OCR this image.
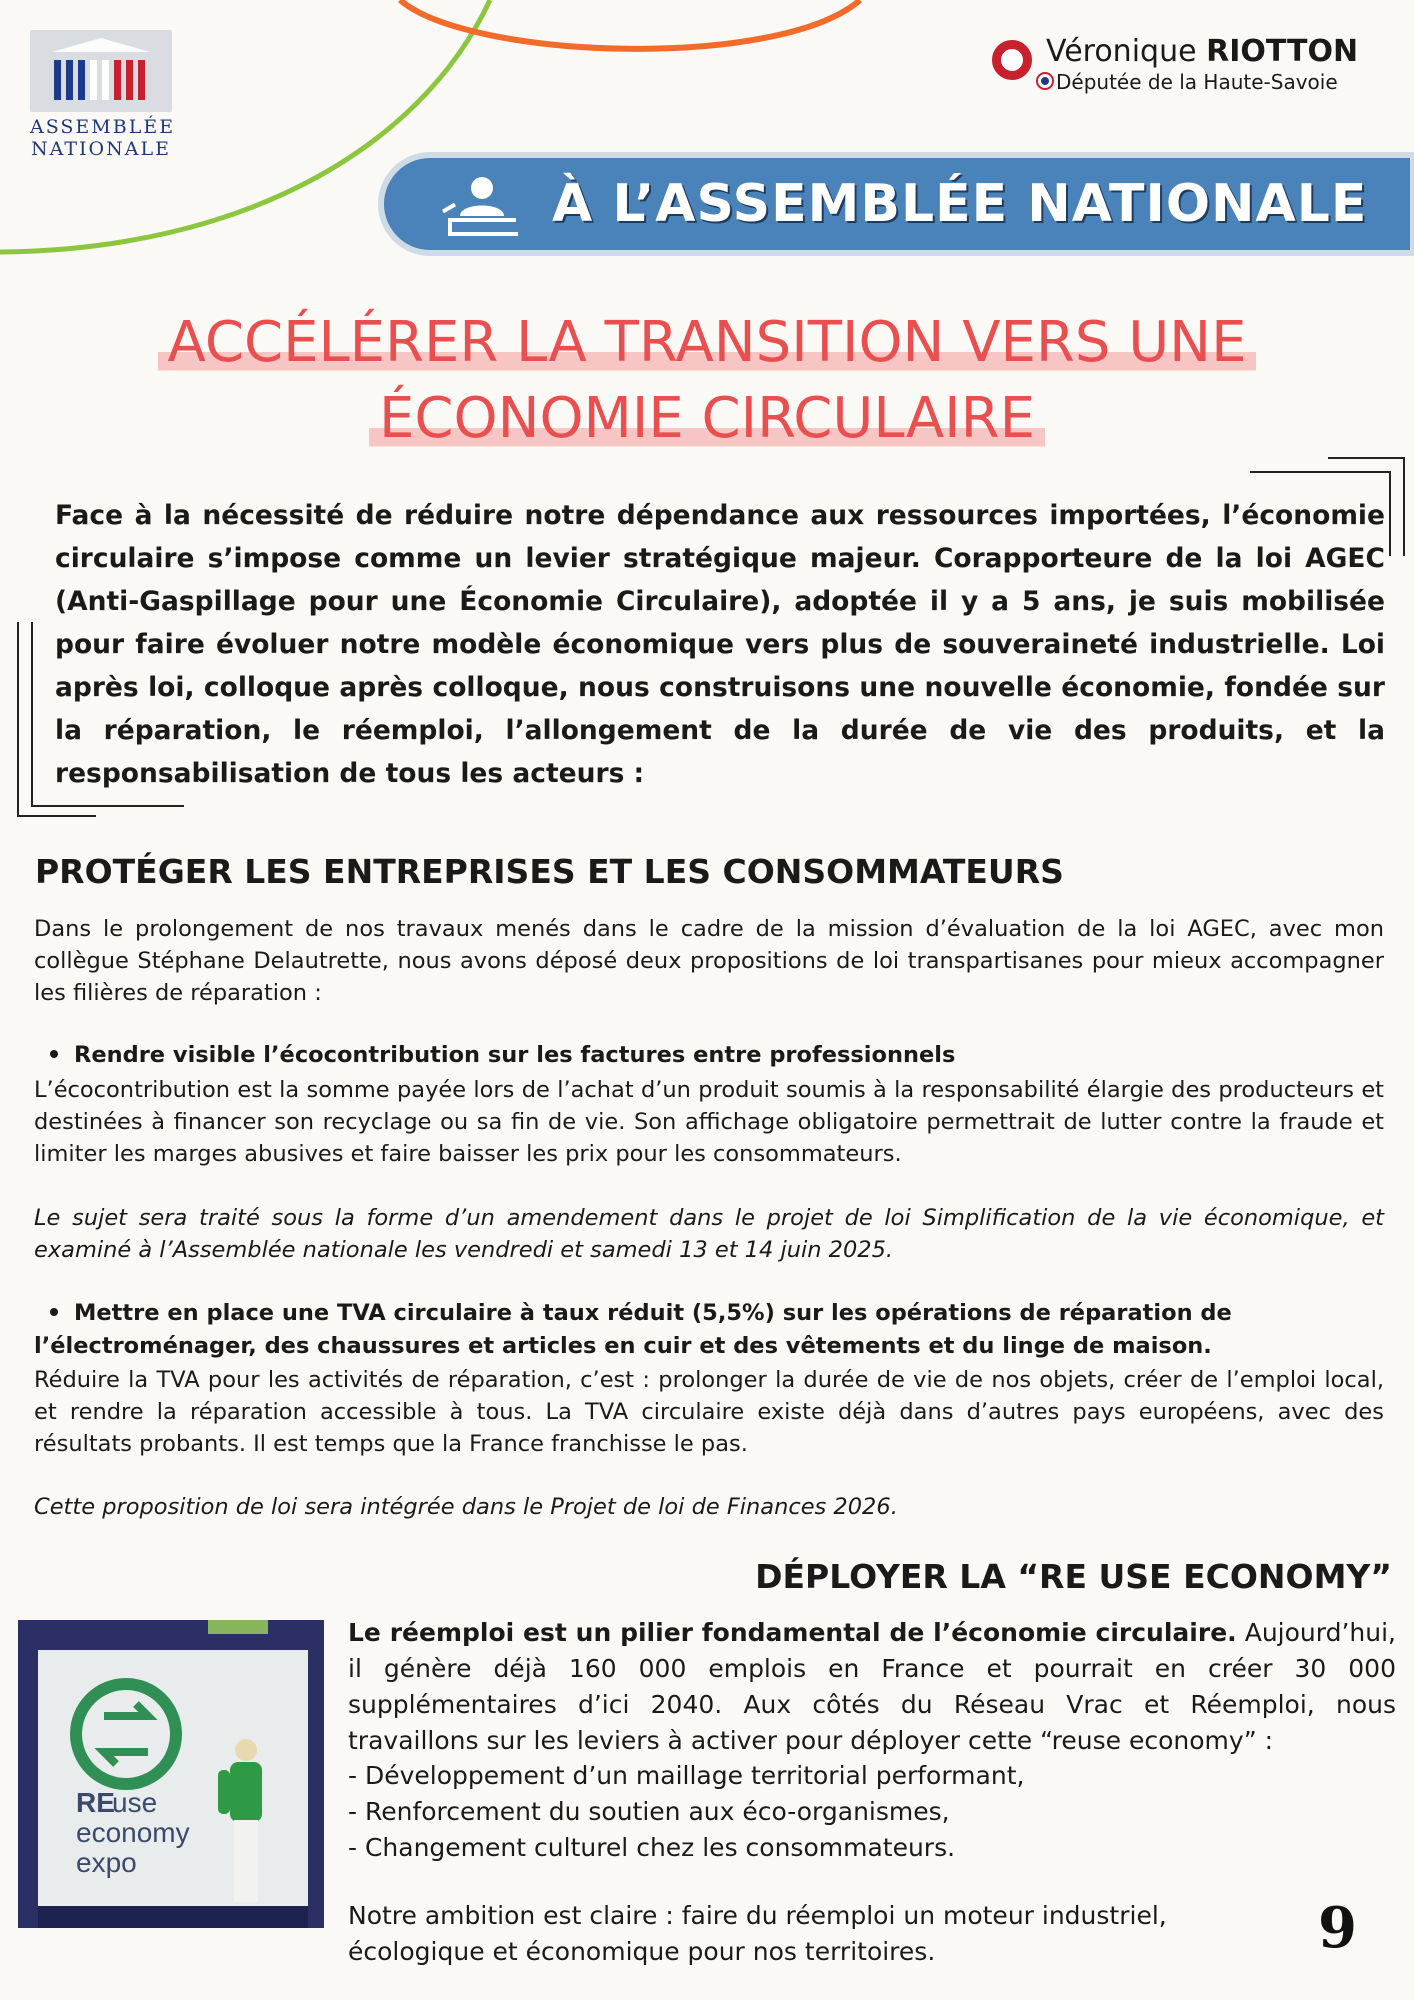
ASSEMBLÉE
NATIONALE
Véronique RIOTTON
Députée de la Haute-Savoie
À L’ASSEMBLÉE NATIONALE
ACCÉLÉRER LA TRANSITION VERS UNE
ÉCONOMIE CIRCULAIRE
Face à la nécessité de réduire notre dépendance aux ressources importées, l’économie circulaire s’impose comme un levier stratégique majeur. Corapporteure de la loi AGEC (Anti-Gaspillage pour une Économie Circulaire), adoptée il y a 5 ans, je suis mobilisée pour faire évoluer notre modèle économique vers plus de souveraineté industrielle. Loi après loi, colloque après colloque, nous construisons une nouvelle économie, fondée sur la réparation, le réemploi, l’allongement de la durée de vie des produits, et la responsabilisation de tous les acteurs :
PROTÉGER LES ENTREPRISES ET LES CONSOMMATEURS
Dans le prolongement de nos travaux menés dans le cadre de la mission d’évaluation de la loi AGEC, avec mon collègue Stéphane Delautrette, nous avons déposé deux propositions de loi transpartisanes pour mieux accompagner les filières de réparation :
Rendre visible l’écocontribution sur les factures entre professionnels
L’écocontribution est la somme payée lors de l’achat d’un produit soumis à la responsabilité élargie des producteurs et destinées à financer son recyclage ou sa fin de vie. Son affichage obligatoire permettrait de lutter contre la fraude et limiter les marges abusives et faire baisser les prix pour les consommateurs.
Le sujet sera traité sous la forme d’un amendement dans le projet de loi Simplification de la vie économique, et examiné à l’Assemblée nationale les vendredi et samedi 13 et 14 juin 2025.
Mettre en place une TVA circulaire à taux réduit (5,5%) sur les opérations de réparation de
l’électroménager, des chaussures et articles en cuir et des vêtements et du linge de maison.
Réduire la TVA pour les activités de réparation, c’est : prolonger la durée de vie de nos objets, créer de l’emploi local, et rendre la réparation accessible à tous. La TVA circulaire existe déjà dans d’autres pays européens, avec des résultats probants. Il est temps que la France franchisse le pas.
Cette proposition de loi sera intégrée dans le Projet de loi de Finances 2026.
DÉPLOYER LA “RE USE ECONOMY”
RE
use
economy
expo
Le réemploi est un pilier fondamental de l’économie circulaire. Aujourd’hui, il génère déjà 160 000 emplois en France et pourrait en créer 30 000 supplémentaires d’ici 2040. Aux côtés du Réseau Vrac et Réemploi, nous travaillons sur les leviers à activer pour déployer cette “reuse economy” :
- Développement d’un maillage territorial performant,
- Renforcement du soutien aux éco-organismes,
- Changement culturel chez les consommateurs.
Notre ambition est claire : faire du réemploi un moteur industriel, écologique et économique pour nos territoires.	9
